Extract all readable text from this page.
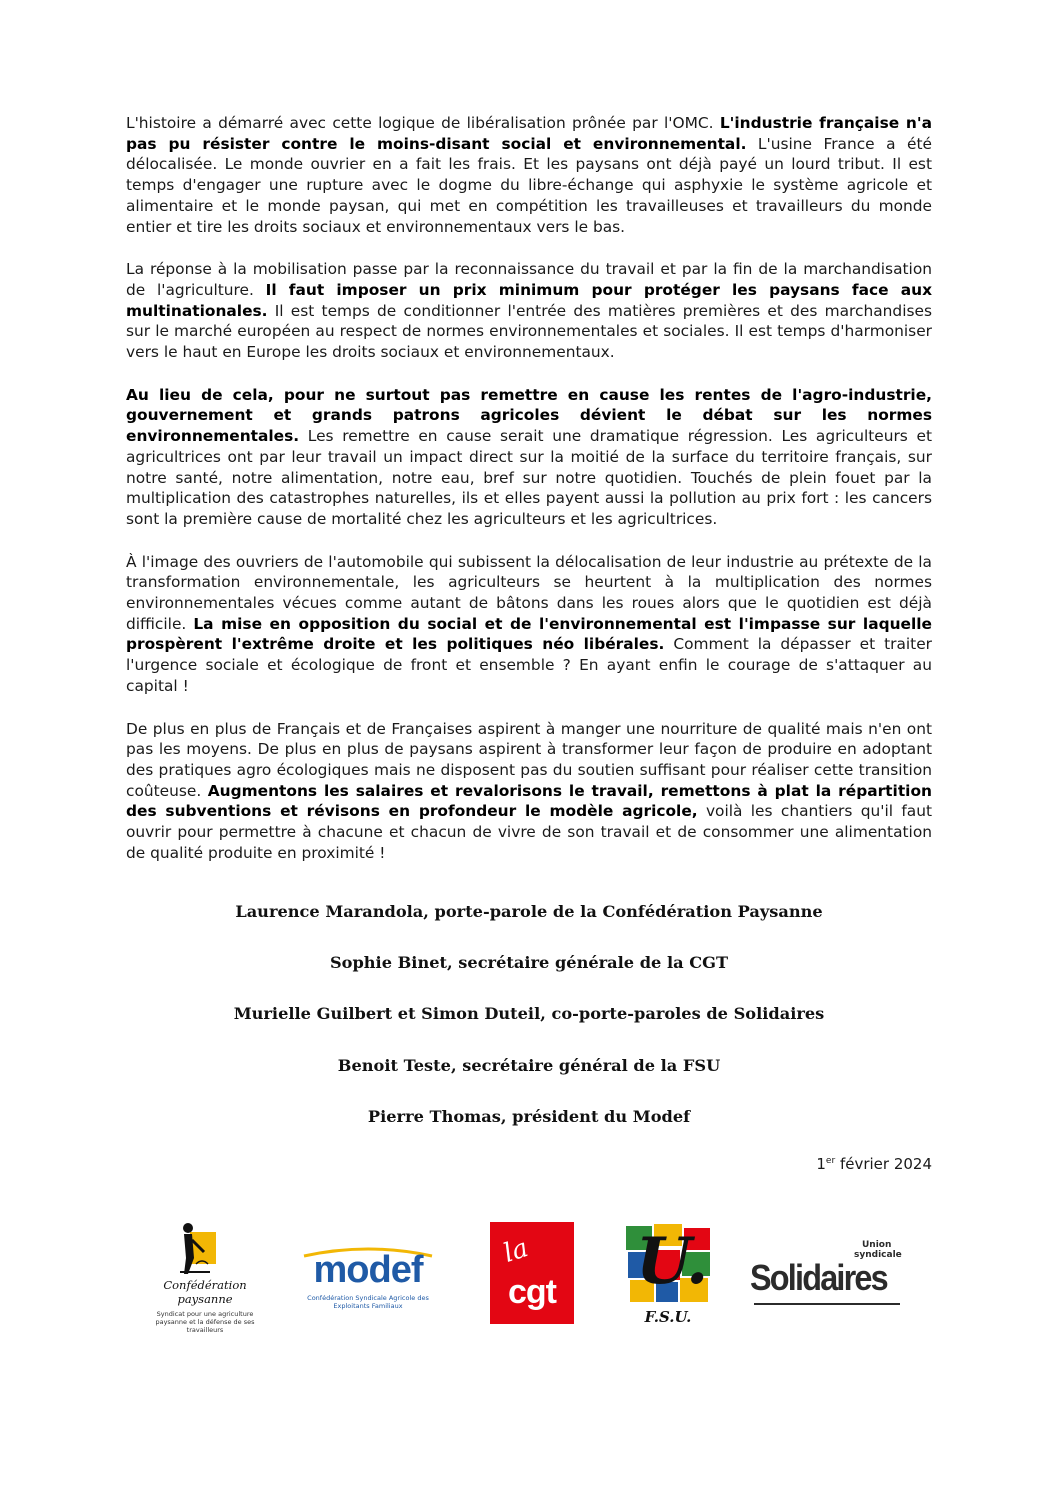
L'histoire a démarré avec cette logique de libéralisation prônée par l'OMC. L'industrie française n'a pas pu résister contre le moins-disant social et environnemental. L'usine France a été délocalisée. Le monde ouvrier en a fait les frais. Et les paysans ont déjà payé un lourd tribut. Il est temps d'engager une rupture avec le dogme du libre-échange qui asphyxie le système agricole et alimentaire et le monde paysan, qui met en compétition les travailleuses et travailleurs du monde entier et tire les droits sociaux et environnementaux vers le bas.

La réponse à la mobilisation passe par la reconnaissance du travail et par la fin de la marchandisation de l'agriculture. Il faut imposer un prix minimum pour protéger les paysans face aux multinationales. Il est temps de conditionner l'entrée des matières premières et des marchandises sur le marché européen au respect de normes environnementales et sociales. Il est temps d'harmoniser vers le haut en Europe les droits sociaux et environnementaux.

Au lieu de cela, pour ne surtout pas remettre en cause les rentes de l'agro-industrie, gouvernement et grands patrons agricoles dévient le débat sur les normes environnementales. Les remettre en cause serait une dramatique régression. Les agriculteurs et agricultrices ont par leur travail un impact direct sur la moitié de la surface du territoire français, sur notre santé, notre alimentation, notre eau, bref sur notre quotidien. Touchés de plein fouet par la multiplication des catastrophes naturelles, ils et elles payent aussi la pollution au prix fort : les cancers sont la première cause de mortalité chez les agriculteurs et les agricultrices.

À l'image des ouvriers de l'automobile qui subissent la délocalisation de leur industrie au prétexte de la transformation environnementale, les agriculteurs se heurtent à la multiplication des normes environnementales vécues comme autant de bâtons dans les roues alors que le quotidien est déjà difficile. La mise en opposition du social et de l'environnemental est l'impasse sur laquelle prospèrent l'extrême droite et les politiques néo libérales. Comment la dépasser et traiter l'urgence sociale et écologique de front et ensemble ? En ayant enfin le courage de s'attaquer au capital !

De plus en plus de Français et de Françaises aspirent à manger une nourriture de qualité mais n'en ont pas les moyens. De plus en plus de paysans aspirent à transformer leur façon de produire en adoptant des pratiques agro écologiques mais ne disposent pas du soutien suffisant pour réaliser cette transition coûteuse. Augmentons les salaires et revalorisons le travail, remettons à plat la répartition des subventions et révisons en profondeur le modèle agricole, voilà les chantiers qu'il faut ouvrir pour permettre à chacune et chacun de vivre de son travail et de consommer une alimentation de qualité produite en proximité !

Laurence Marandola, porte-parole de la Confédération Paysanne
Sophie Binet, secrétaire générale de la CGT
Murielle Guilbert et Simon Duteil, co-porte-paroles de Solidaires
Benoit Teste, secrétaire général de la FSU
Pierre Thomas, président du Modef
1er février 2024
Confédération paysanne
Syndicat pour une agriculture paysanne et la défense de ses travailleurs
modef
Confédération Syndicale Agricole des Exploitants Familiaux
la
cgt U.
F.S.U.
Union
syndicale
Solidaires
